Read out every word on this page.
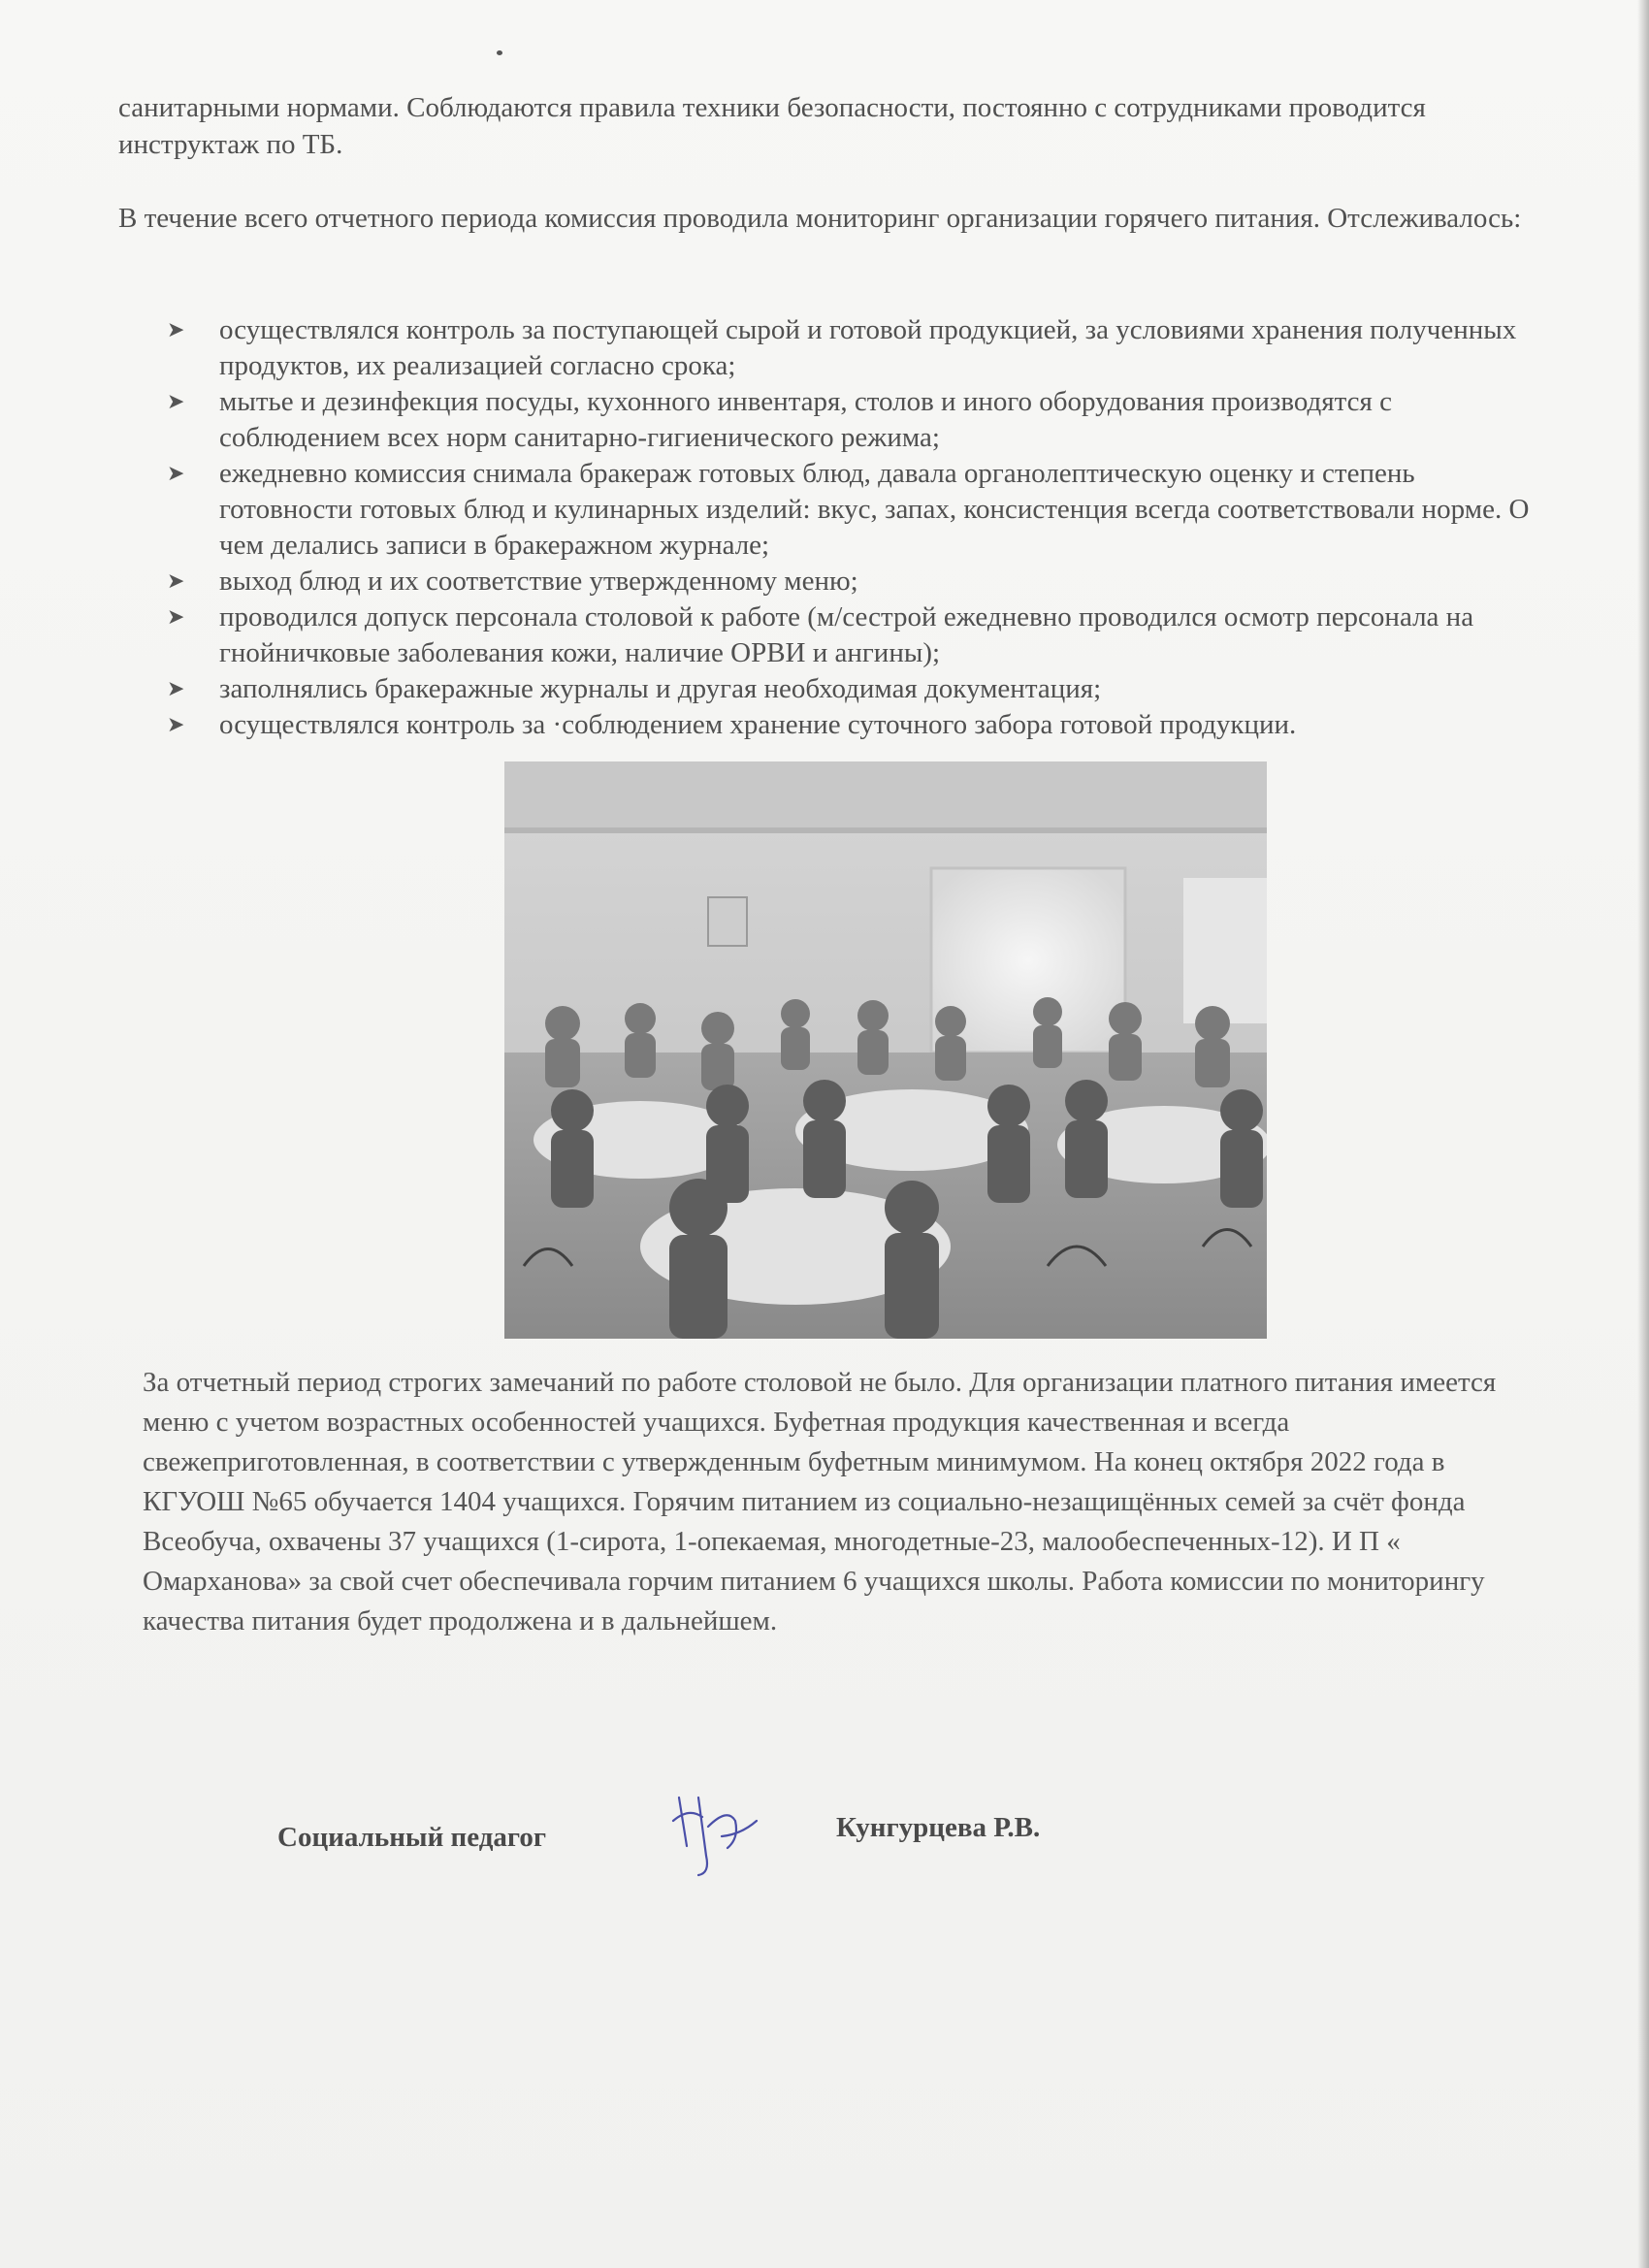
санитарными нормами. Соблюдаются правила техники безопасности, постоянно с сотрудниками проводится инструктаж по ТБ.

В течение всего отчетного периода комиссия проводила мониторинг организации горячего питания. Отслеживалось:

➤ осуществлялся контроль за поступающей сырой и готовой продукцией, за условиями хранения полученных продуктов, их реализацией согласно срока;
➤ мытье и дезинфекция посуды, кухонного инвентаря, столов и иного оборудования производятся с соблюдением всех норм санитарно-гигиенического режима;
➤ ежедневно комиссия снимала бракераж готовых блюд, давала органолептическую оценку и степень готовности готовых блюд и кулинарных изделий: вкус, запах, консистенция всегда соответствовали норме. О чем делались записи в бракеражном журнале;
➤ выход блюд и их соответствие утвержденному меню;
➤ проводился допуск персонала столовой к работе (м/сестрой ежедневно проводился осмотр персонала на гнойничковые заболевания кожи, наличие ОРВИ и ангины);
➤ заполнялись бракеражные журналы и другая необходимая документация;
➤ осуществлялся контроль за ·соблюдением хранение суточного забора готовой продукции.

За отчетный период строгих замечаний по работе столовой не было. Для организации платного питания имеется меню с учетом возрастных особенностей учащихся. Буфетная продукция качественная и всегда свежеприготовленная, в соответствии с утвержденным буфетным минимумом. На конец октября 2022 года в КГУОШ №65 обучается 1404 учащихся. Горячим питанием из социально-незащищённых семей за счёт фонда Всеобуча, охвачены 37 учащихся (1-сирота, 1-опекаемая, многодетные-23, малообеспеченных-12). И П « Омарханова» за свой счет обеспечивала горчим питанием 6 учащихся школы. Работа комиссии по мониторингу качества питания будет продолжена и в дальнейшем.

Социальный педагог	Кунгурцева Р.В.
